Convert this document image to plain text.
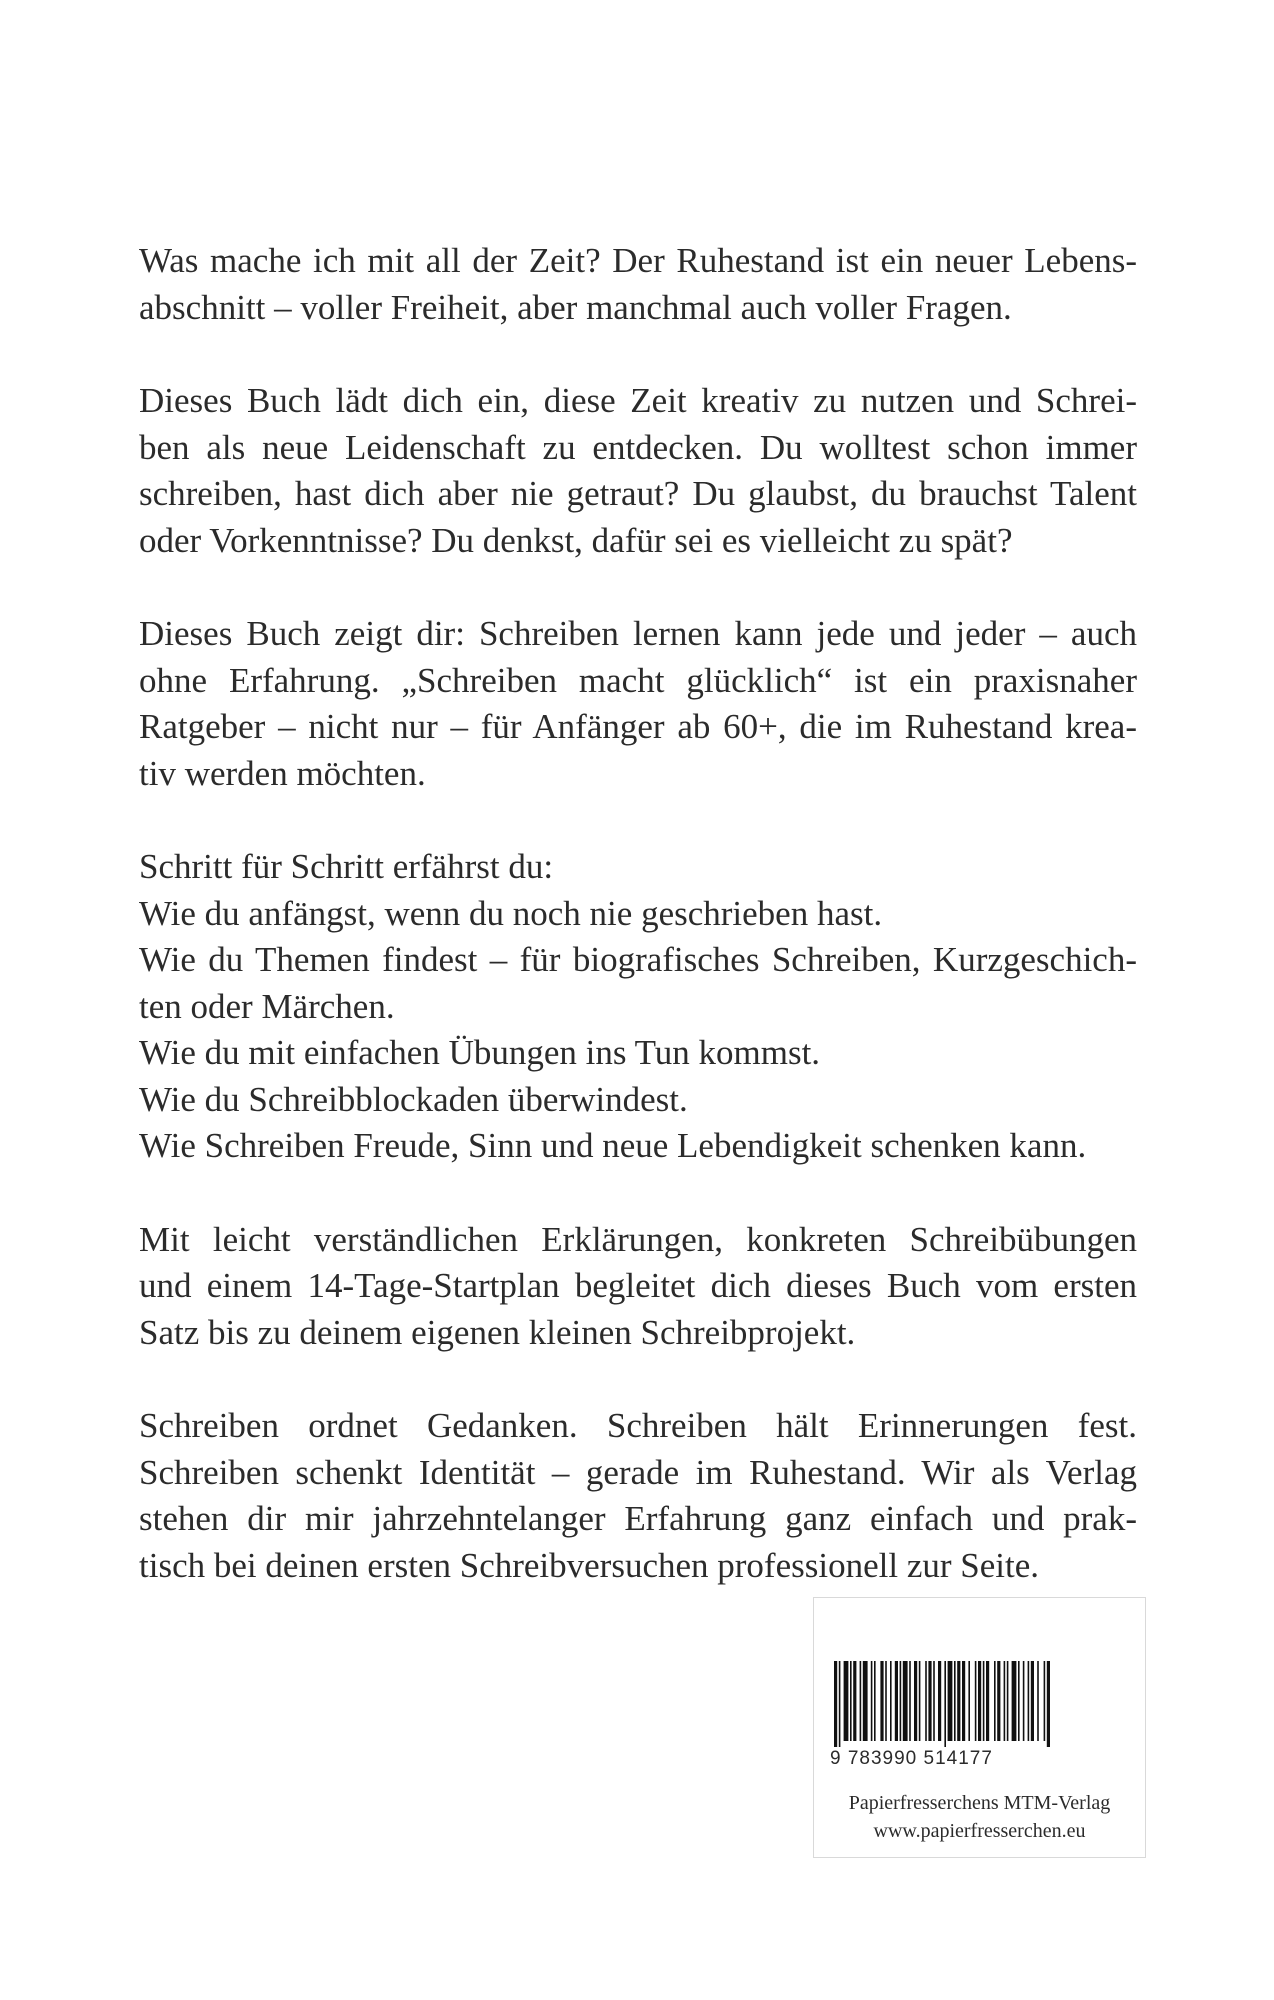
Was mache ich mit all der Zeit? Der Ruhestand ist ein neuer Lebens-
abschnitt – voller Freiheit, aber manchmal auch voller Fragen.
Dieses Buch lädt dich ein, diese Zeit kreativ zu nutzen und Schrei-
ben als neue Leidenschaft zu entdecken. Du wolltest schon immer
schreiben, hast dich aber nie getraut? Du glaubst, du brauchst Talent
oder Vorkenntnisse? Du denkst, dafür sei es vielleicht zu spät?
Dieses Buch zeigt dir: Schreiben lernen kann jede und jeder – auch
ohne Erfahrung. „Schreiben macht glücklich“ ist ein praxisnaher
Ratgeber – nicht nur – für Anfänger ab 60+, die im Ruhestand krea-
tiv werden möchten.
Schritt für Schritt erfährst du:
Wie du anfängst, wenn du noch nie geschrieben hast.
Wie du Themen findest – für biografisches Schreiben, Kurzgeschich-
ten oder Märchen.
Wie du mit einfachen Übungen ins Tun kommst.
Wie du Schreibblockaden überwindest.
Wie Schreiben Freude, Sinn und neue Lebendigkeit schenken kann.
Mit leicht verständlichen Erklärungen, konkreten Schreibübungen
und einem 14-Tage-Startplan begleitet dich dieses Buch vom ersten
Satz bis zu deinem eigenen kleinen Schreibprojekt.
Schreiben ordnet Gedanken. Schreiben hält Erinnerungen fest.
Schreiben schenkt Identität – gerade im Ruhestand. Wir als Verlag
stehen dir mir jahrzehntelanger Erfahrung ganz einfach und prak-
tisch bei deinen ersten Schreibversuchen professionell zur Seite.
9 783990 514177
Papierfresserchens MTM-Verlag
www.papierfresserchen.eu
